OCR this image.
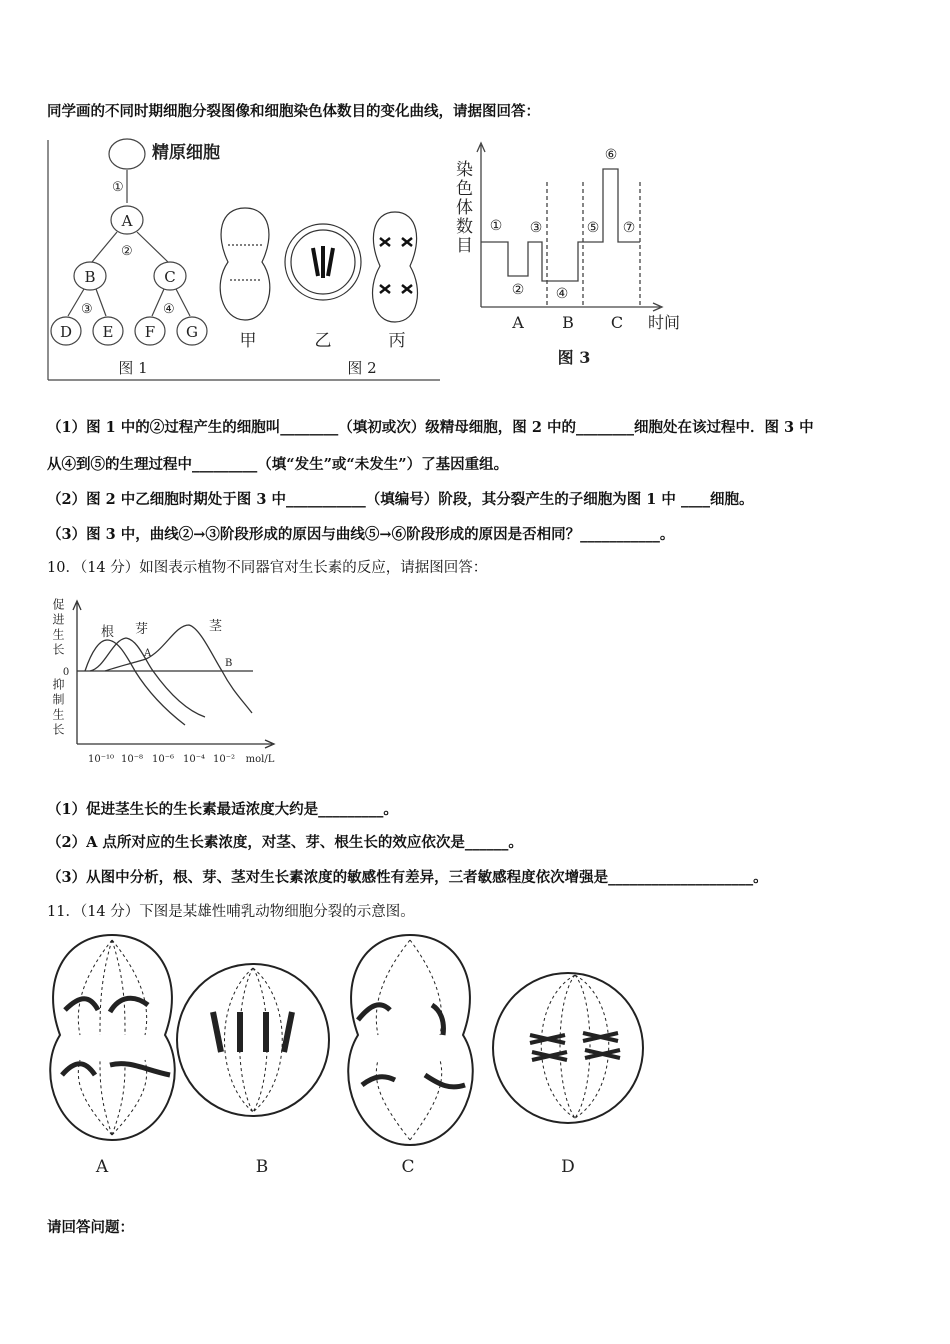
同学画的不同时期细胞分裂图像和细胞染色体数目的变化曲线，请据图回答：
精原细胞
①
②
③	④
A
B	C
D E F G
图 1
甲	乙	丙
图 2
①
②
③
④
⑤
⑥
⑦
A B C 时间
图 3
染色体数目
根 芽	茎
A
B
10⁻¹⁰ 10⁻⁸ 10⁻⁶ 10⁻⁴ 10⁻² mol/L
0
促进生长
抑制生长
A	B	C	D
（1）图 1 中的②过程产生的细胞叫________（填初或次）级精母细胞，图 2 中的________细胞处在该过程中．图 3 中
从④到⑤的生理过程中_________（填“发生”或“未发生”）了基因重组。
（2）图 2 中乙细胞时期处于图 3 中___________（填编号）阶段，其分裂产生的子细胞为图 1 中 ____细胞。
（3）图 3 中，曲线②→③阶段形成的原因与曲线⑤→⑥阶段形成的原因是否相同？___________。
10．（14 分）如图表示植物不同器官对生长素的反应，请据图回答：
（1）促进茎生长的生长素最适浓度大约是_________。
（2）A 点所对应的生长素浓度，对茎、芽、根生长的效应依次是______。
（3）从图中分析，根、芽、茎对生长素浓度的敏感性有差异，三者敏感程度依次增强是____________________。
11．（14 分）下图是某雄性哺乳动物细胞分裂的示意图。
请回答问题：
